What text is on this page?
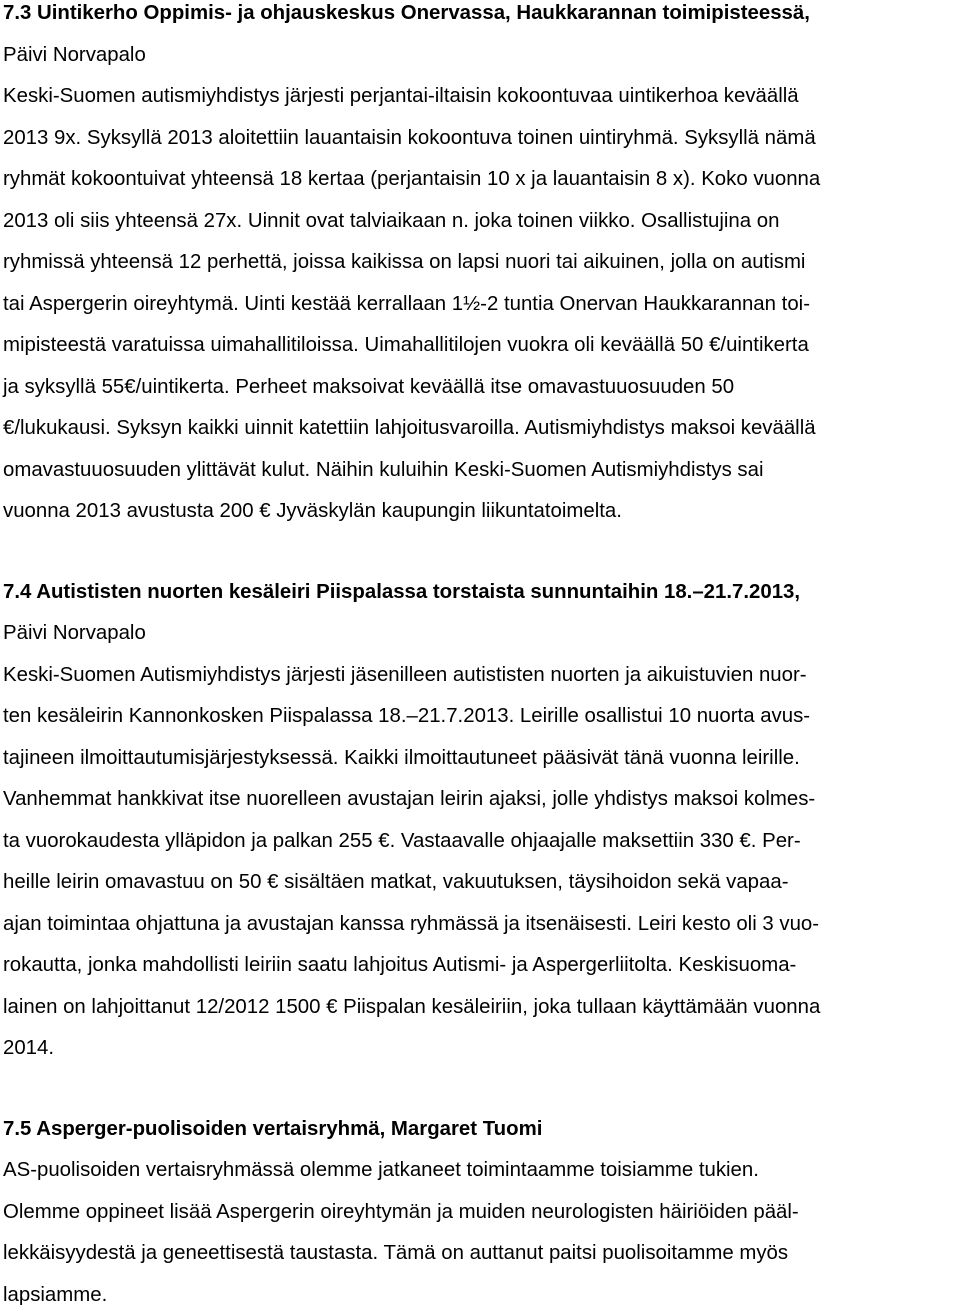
7.3 Uintikerho Oppimis- ja ohjauskeskus Onervassa, Haukkarannan toimipisteessä,

Päivi Norvapalo

Keski-Suomen autismiyhdistys järjesti perjantai-iltaisin kokoontuvaa uintikerhoa keväällä

2013 9x. Syksyllä 2013 aloitettiin lauantaisin kokoontuva toinen uintiryhmä. Syksyllä nämä

ryhmät kokoontuivat yhteensä 18 kertaa (perjantaisin 10 x ja lauantaisin 8 x). Koko vuonna

2013 oli siis yhteensä 27x. Uinnit ovat talviaikaan n. joka toinen viikko. Osallistujina on

ryhmissä yhteensä 12 perhettä, joissa kaikissa on lapsi nuori tai aikuinen, jolla on autismi

tai Aspergerin oireyhtymä. Uinti kestää kerrallaan 1½-2 tuntia Onervan Haukkarannan toi-

mipisteestä varatuissa uimahallitiloissa. Uimahallitilojen vuokra oli keväällä 50 €/uintikerta

ja syksyllä 55€/uintikerta. Perheet maksoivat keväällä itse omavastuuosuuden 50

€/lukukausi. Syksyn kaikki uinnit katettiin lahjoitusvaroilla. Autismiyhdistys maksoi keväällä

omavastuuosuuden ylittävät kulut. Näihin kuluihin Keski-Suomen Autismiyhdistys sai

vuonna 2013 avustusta 200 € Jyväskylän kaupungin liikuntatoimelta.

7.4 Autististen nuorten kesäleiri Piispalassa torstaista sunnuntaihin 18.–21.7.2013,

Päivi Norvapalo

Keski-Suomen Autismiyhdistys järjesti jäsenilleen autististen nuorten ja aikuistuvien nuor-

ten kesäleirin Kannonkosken Piispalassa 18.–21.7.2013. Leirille osallistui 10 nuorta avus-

tajineen ilmoittautumisjärjestyksessä. Kaikki ilmoittautuneet pääsivät tänä vuonna leirille.

Vanhemmat hankkivat itse nuorelleen avustajan leirin ajaksi, jolle yhdistys maksoi kolmes-

ta vuorokaudesta ylläpidon ja palkan 255 €. Vastaavalle ohjaajalle maksettiin 330 €. Per-

heille leirin omavastuu on 50 € sisältäen matkat, vakuutuksen, täysihoidon sekä vapaa-

ajan toimintaa ohjattuna ja avustajan kanssa ryhmässä ja itsenäisesti. Leiri kesto oli 3 vuo-

rokautta, jonka mahdollisti leiriin saatu lahjoitus Autismi- ja Aspergerliitolta. Keskisuoma-

lainen on lahjoittanut 12/2012 1500 € Piispalan kesäleiriin, joka tullaan käyttämään vuonna

2014.

7.5 Asperger-puolisoiden vertaisryhmä, Margaret Tuomi

AS-puolisoiden vertaisryhmässä olemme jatkaneet toimintaamme toisiamme tukien.

Olemme oppineet lisää Aspergerin oireyhtymän ja muiden neurologisten häiriöiden pääl-

lekkäisyydestä ja geneettisestä taustasta. Tämä on auttanut paitsi puolisoitamme myös

lapsiamme.
